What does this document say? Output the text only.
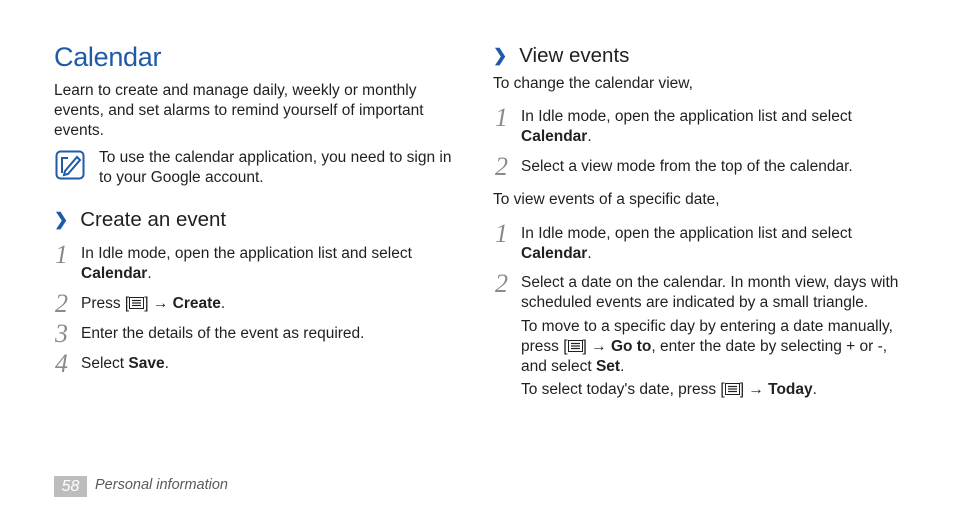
Calendar

Learn to create and manage daily, weekly or monthly events, and set alarms to remind yourself of important events.

To use the calendar application, you need to sign in to your Google account.

❯ Create an event
1 In Idle mode, open the application list and select Calendar.
2 Press [ ] → Create.
3 Enter the details of the event as required.
4 Select Save.
❯ View events

To change the calendar view,

1 In Idle mode, open the application list and select Calendar.
2 Select a view mode from the top of the calendar.

To view events of a specific date,

1 In Idle mode, open the application list and select Calendar.
2 Select a date on the calendar. In month view, days with scheduled events are indicated by a small triangle.

To move to a specific day by entering a date manually, press [ ] → Go to, enter the date by selecting + or -, and select Set.

To select today's date, press [ ] → Today.

58	Personal information
